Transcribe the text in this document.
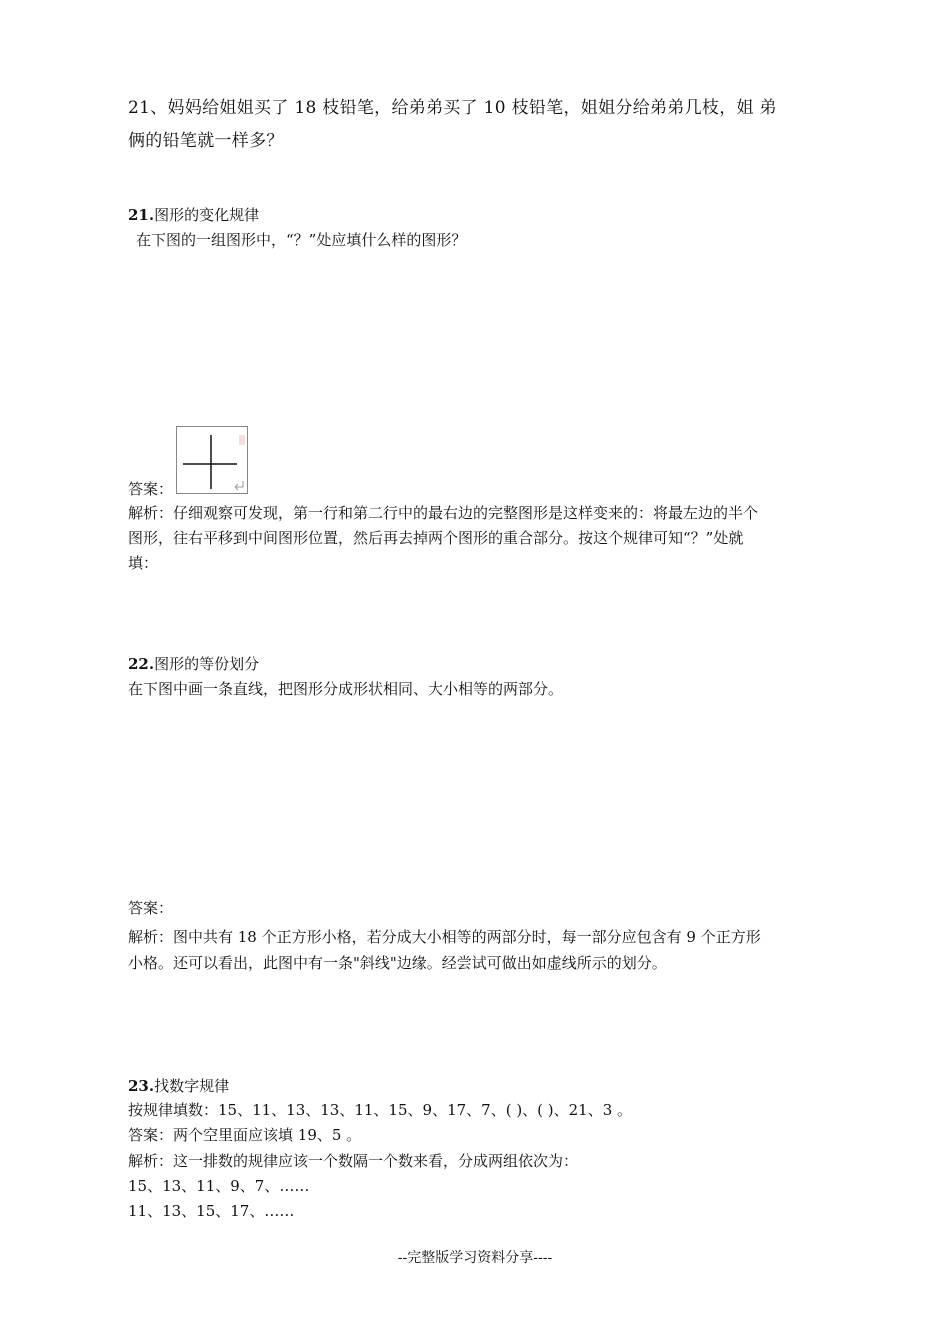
21、妈妈给姐姐买了 18 枝铅笔，给弟弟买了 10 枝铅笔，姐姐分给弟弟几枝，姐 弟
俩的铅笔就一样多？
21.图形的变化规律
在下图的一组图形中，“？”处应填什么样的图形？
答案：
解析：仔细观察可发现，第一行和第二行中的最右边的完整图形是这样变来的：将最左边的半个
图形，往右平移到中间图形位置，然后再去掉两个图形的重合部分。按这个规律可知“？”处就
填：
22.图形的等份划分
在下图中画一条直线，把图形分成形状相同、大小相等的两部分。
答案：
解析：图中共有 18 个正方形小格，若分成大小相等的两部分时，每一部分应包含有 9 个正方形
小格。还可以看出，此图中有一条"斜线"边缘。经尝试可做出如虚线所示的划分。
23.找数字规律
按规律填数：15、11、13、13、11、15、9、17、7、( )、( )、21、3 。
答案：两个空里面应该填 19、5 。
解析：这一排数的规律应该一个数隔一个数来看，分成两组依次为：
15、13、11、9、7、……
11、13、15、17、……
--完整版学习资料分享----
